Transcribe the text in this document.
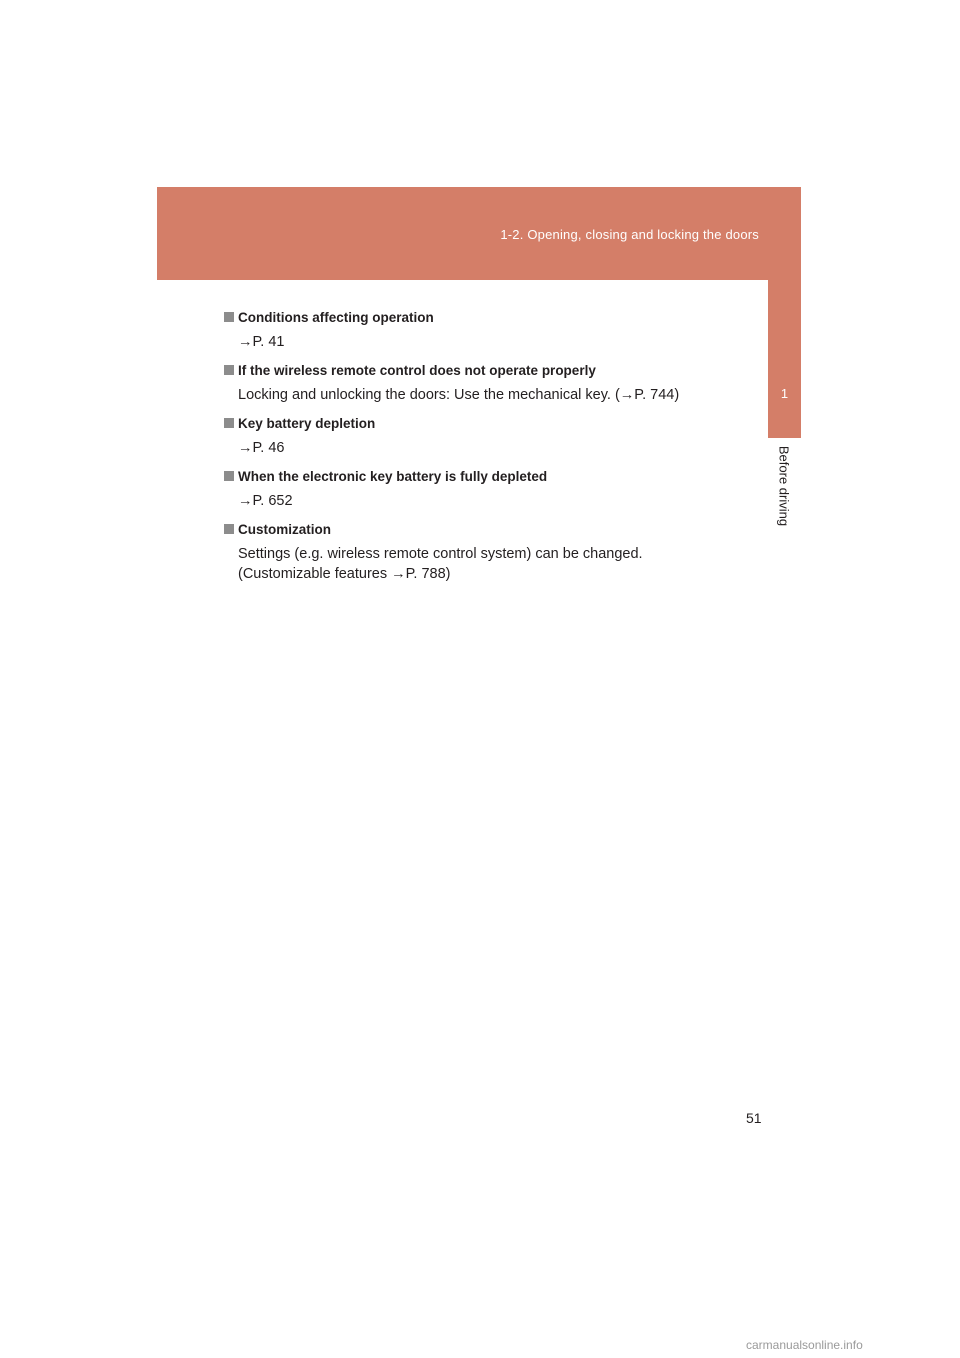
1-2. Opening, closing and locking the doors
1
Before driving
Conditions affecting operation
→P. 41
If the wireless remote control does not operate properly
Locking and unlocking the doors: Use the mechanical key. (→P. 744)
Key battery depletion
→P. 46
When the electronic key battery is fully depleted
→P. 652
Customization
Settings (e.g. wireless remote control system) can be changed.
(Customizable features →P. 788)
51
carmanualsonline.info
